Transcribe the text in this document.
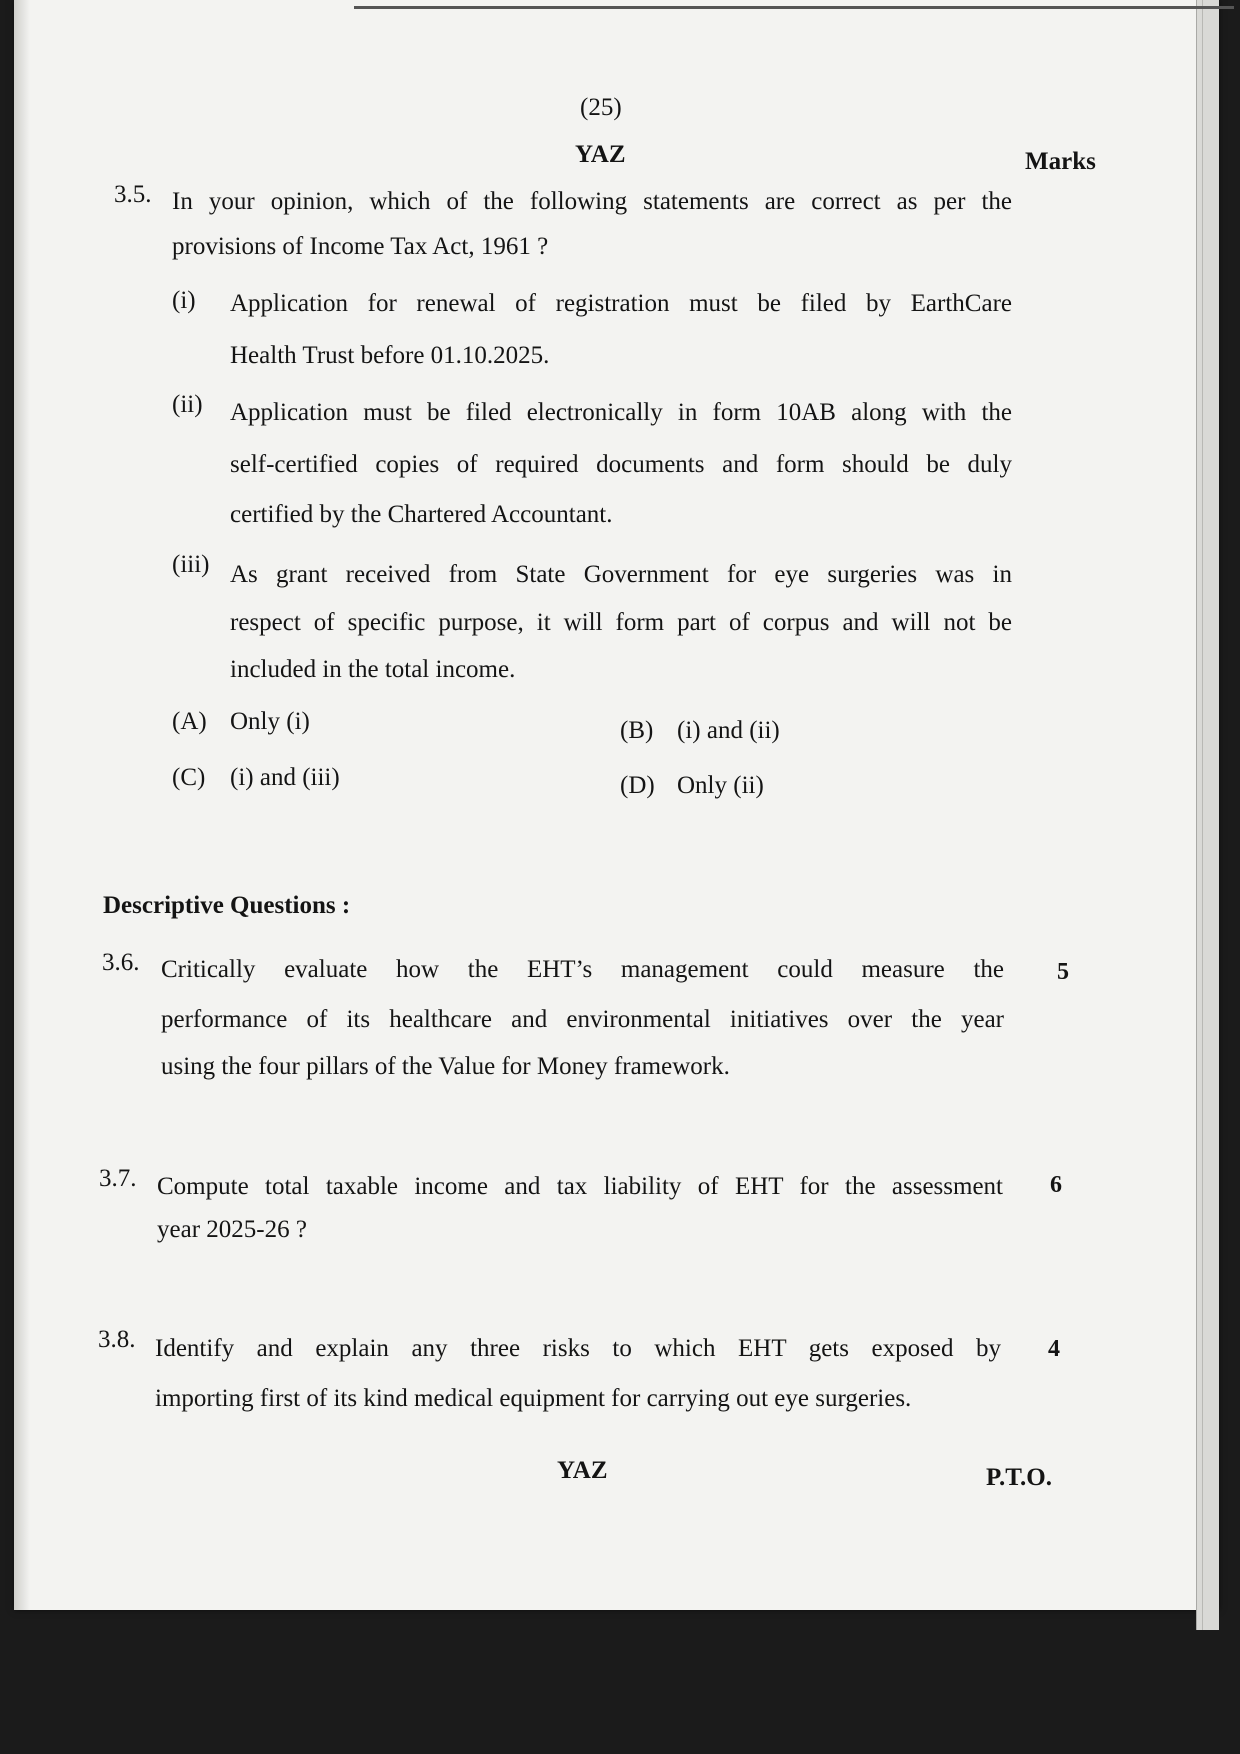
(25)
YAZ	Marks
3.5. In your opinion, which of the following statements are correct as per the
provisions of Income Tax Act, 1961 ?
(i) Application for renewal of registration must be filed by EarthCare
Health Trust before 01.10.2025.
(ii) Application must be filed electronically in form 10AB along with the
self-certified copies of required documents and form should be duly
certified by the Chartered Accountant.
(iii) As grant received from State Government for eye surgeries was in
respect of specific purpose, it will form part of corpus and will not be
included in the total income.
(A) Only (i)	(B) (i) and (ii)
(C) (i) and (iii)	(D) Only (ii)
Descriptive Questions :
3.6. Critically evaluate how the EHT’s management could measure the
performance of its healthcare and environmental initiatives over the year
using the four pillars of the Value for Money framework.
5
3.7. Compute total taxable income and tax liability of EHT for the assessment
year 2025-26 ?
6
3.8. Identify and explain any three risks to which EHT gets exposed by
importing first of its kind medical equipment for carrying out eye surgeries.
4
YAZ	P.T.O.
